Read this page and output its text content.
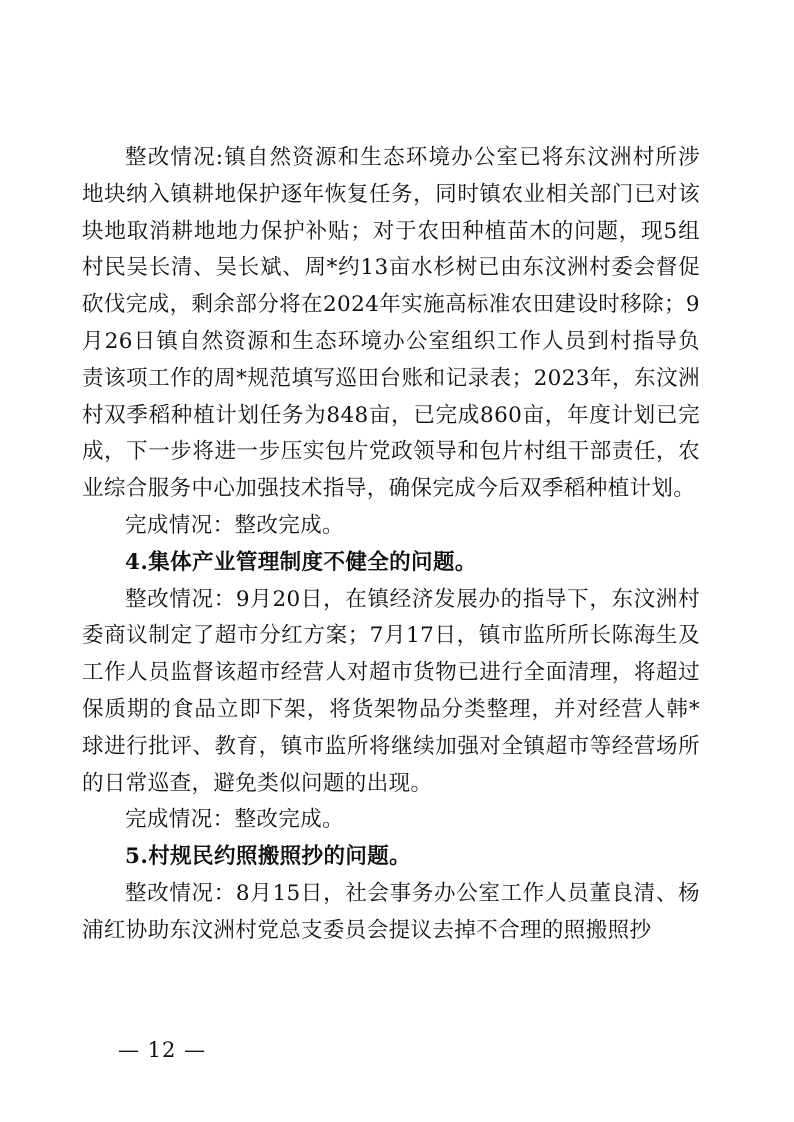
整改情况:镇自然资源和生态环境办公室已将东汶洲村所涉地块纳入镇耕地保护逐年恢复任务，同时镇农业相关部门已对该块地取消耕地地力保护补贴；对于农田种植苗木的问题，现5组村民吴长清、吴长斌、周*约13亩水杉树已由东汶洲村委会督促砍伐完成，剩余部分将在2024年实施高标准农田建设时移除；9月26日镇自然资源和生态环境办公室组织工作人员到村指导负责该项工作的周*规范填写巡田台账和记录表；2023年，东汶洲村双季稻种植计划任务为848亩，已完成860亩，年度计划已完成，下一步将进一步压实包片党政领导和包片村组干部责任，农业综合服务中心加强技术指导，确保完成今后双季稻种植计划。

完成情况：整改完成。

4.集体产业管理制度不健全的问题。

整改情况：9月20日，在镇经济发展办的指导下，东汶洲村委商议制定了超市分红方案；7月17日，镇市监所所长陈海生及工作人员监督该超市经营人对超市货物已进行全面清理，将超过保质期的食品立即下架，将货架物品分类整理，并对经营人韩*球进行批评、教育，镇市监所将继续加强对全镇超市等经营场所的日常巡查，避免类似问题的出现。

完成情况：整改完成。

5.村规民约照搬照抄的问题。

整改情况：8月15日，社会事务办公室工作人员董良清、杨浦红协助东汶洲村党总支委员会提议去掉不合理的照搬照抄

— 12 —
